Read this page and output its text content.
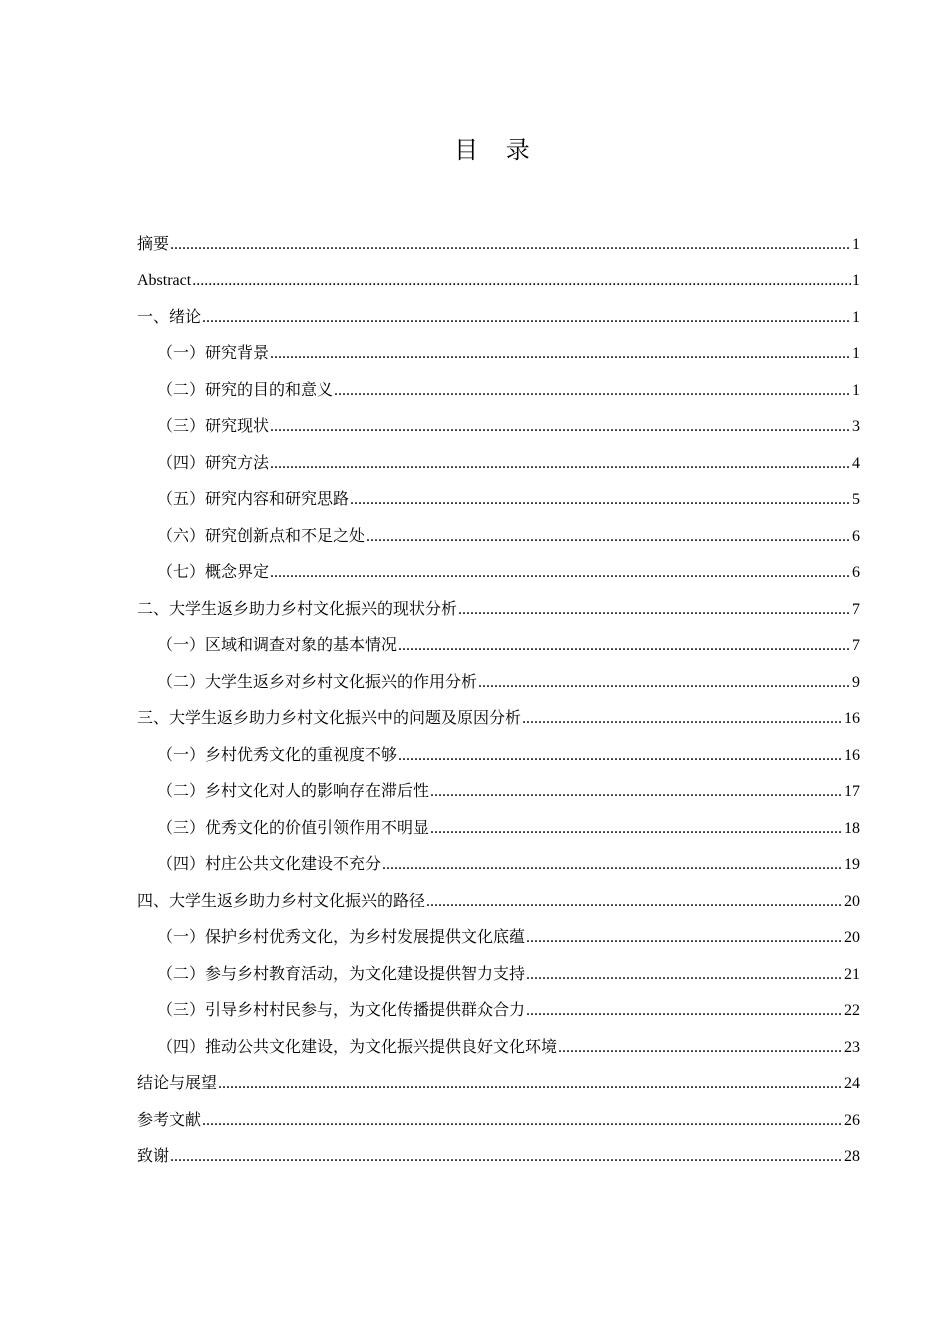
目 录
摘要 .....	1
Abstract .....	1
一、绪论 .....	1
（一）研究背景 .....	1
（二）研究的目的和意义 .....	1
（三）研究现状 .....	3
（四）研究方法 .....	4
（五）研究内容和研究思路 .....	5
（六）研究创新点和不足之处 .....	6
（七）概念界定 .....	6
二、大学生返乡助力乡村文化振兴的现状分析 .....	7
（一）区域和调查对象的基本情况 .....	7
（二）大学生返乡对乡村文化振兴的作用分析 .....	9
三、大学生返乡助力乡村文化振兴中的问题及原因分析 .....	16
（一）乡村优秀文化的重视度不够 .....	16
（二）乡村文化对人的影响存在滞后性 .....	17
（三）优秀文化的价值引领作用不明显 .....	18
（四）村庄公共文化建设不充分 .....	19
四、大学生返乡助力乡村文化振兴的路径 .....	20
（一）保护乡村优秀文化，为乡村发展提供文化底蕴 .....	20
（二）参与乡村教育活动，为文化建设提供智力支持 .....	21
（三）引导乡村村民参与，为文化传播提供群众合力 .....	22
（四）推动公共文化建设，为文化振兴提供良好文化环境 .....	23
结论与展望 .....	24
参考文献 .....	26
致谢 .....	28
